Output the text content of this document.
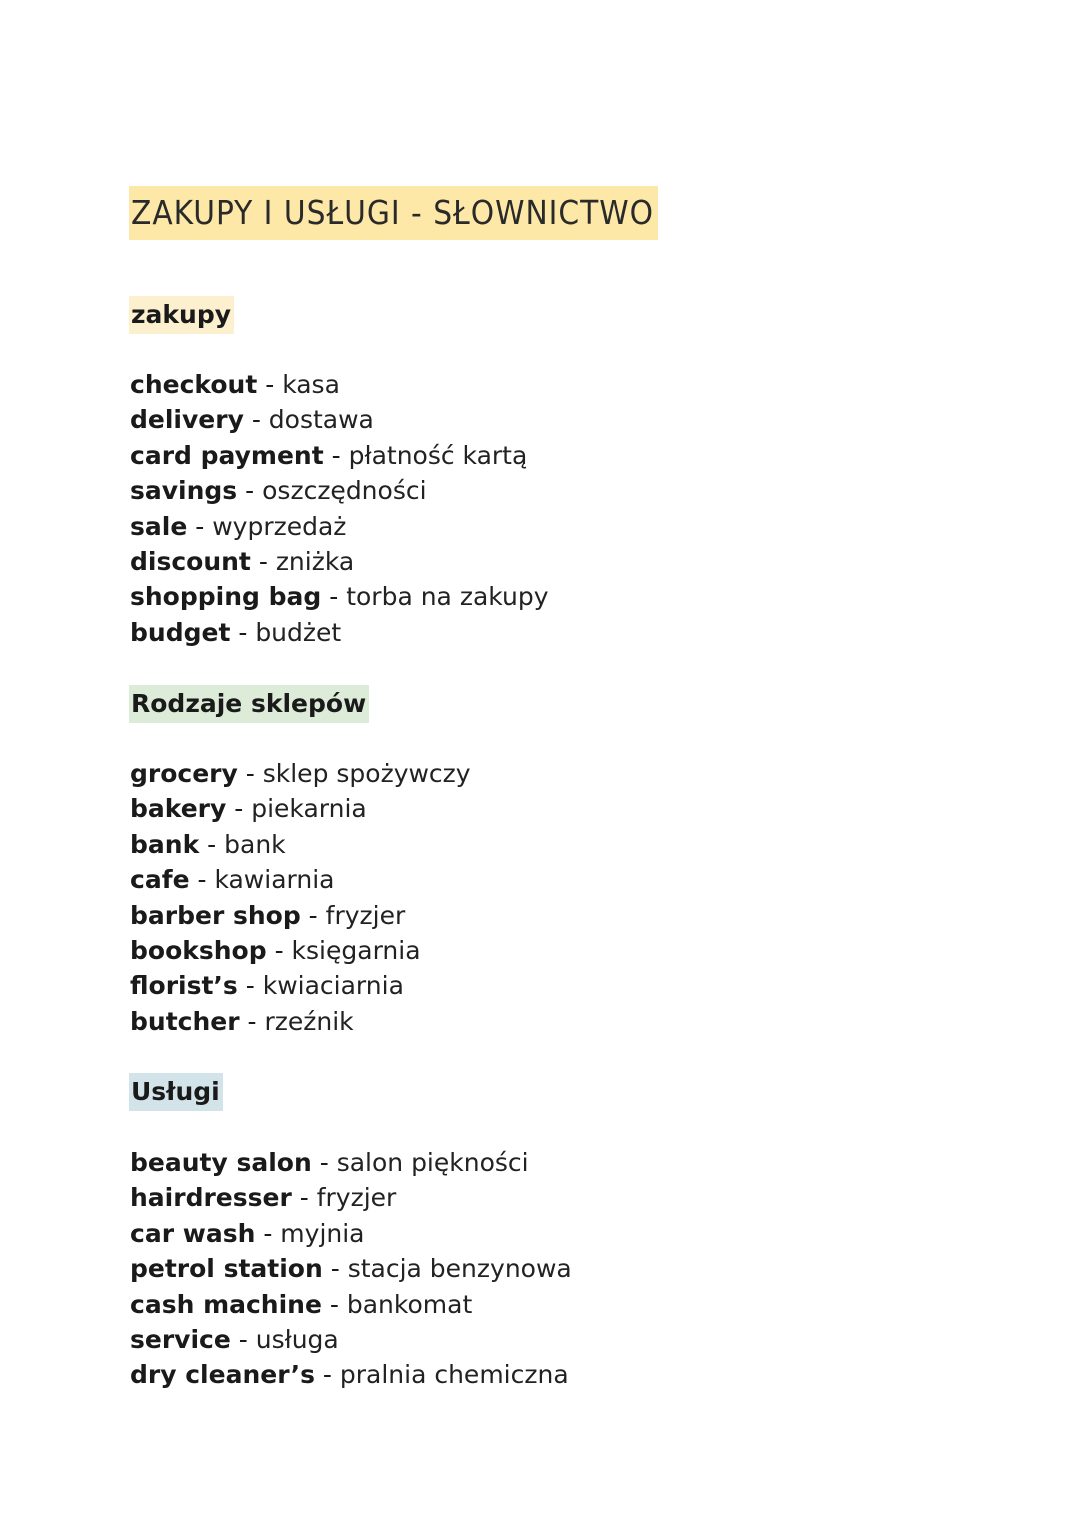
ZAKUPY I USŁUGI - SŁOWNICTWO
zakupy
checkout - kasa
delivery - dostawa
card payment - płatność kartą
savings - oszczędności
sale - wyprzedaż
discount - zniżka
shopping bag - torba na zakupy
budget - budżet
Rodzaje sklepów
grocery - sklep spożywczy
bakery - piekarnia
bank - bank
cafe - kawiarnia
barber shop - fryzjer
bookshop - księgarnia
florist’s - kwiaciarnia
butcher - rzeźnik
Usługi
beauty salon - salon piękności
hairdresser - fryzjer
car wash - myjnia
petrol station - stacja benzynowa
cash machine - bankomat
service - usługa
dry cleaner’s - pralnia chemiczna
